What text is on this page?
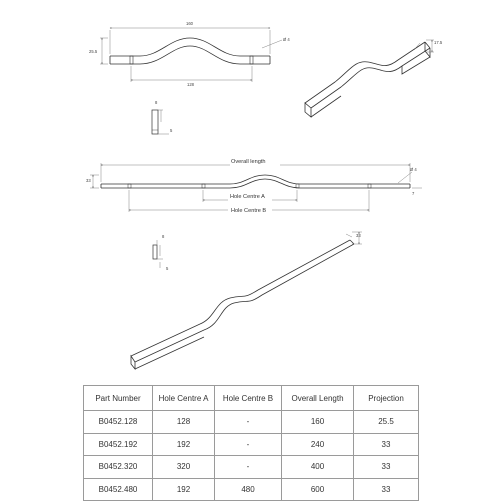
160
128
25.5
Ø 4
17.5
8
5
Overall length
Hole Centre A
Hole Centre B
Ø 4
33
7
8
5
33
Part Number	Hole Centre A	Hole Centre B	Overall Length	Projection
B0452.128	128	-	160	25.5
B0452.192	192	-	240	33
B0452.320	320	-	400	33
B0452.480	192	480	600	33
